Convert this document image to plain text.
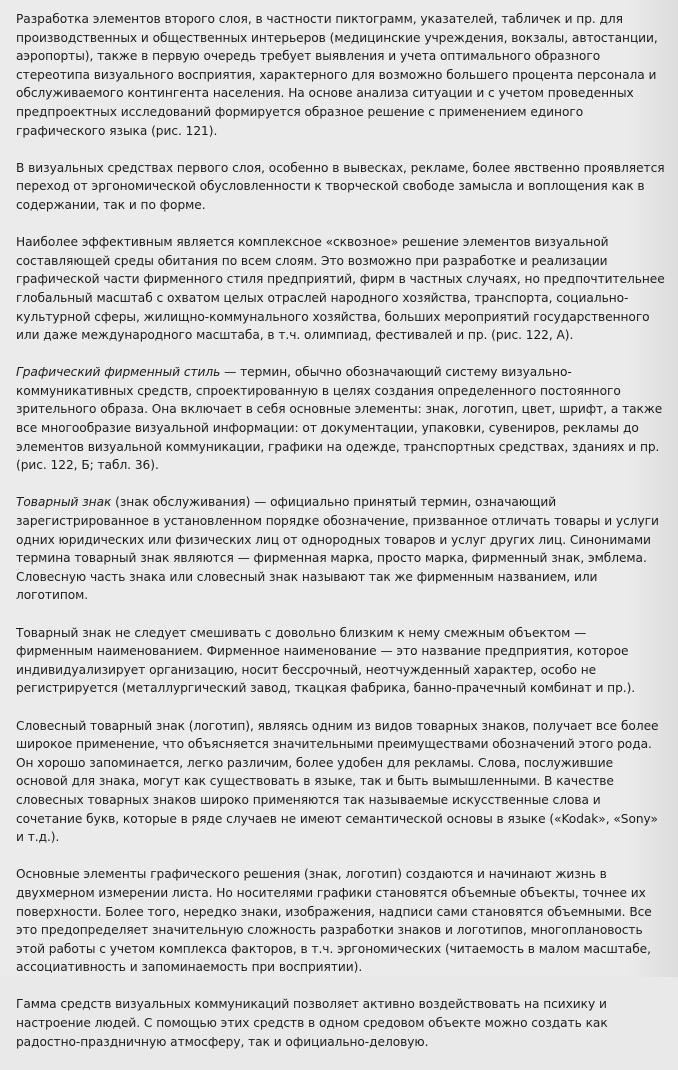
Разработка элементов второго слоя, в частности пиктограмм, указателей, табличек и пр. для производственных и общественных интерьеров (медицинские учреждения, вокзалы, автостанции, аэропорты), также в первую очередь требует выявления и учета оптимального образного стереотипа визуального восприятия, характерного для возможно большего процента персонала и обслуживаемого контингента населения. На основе анализа ситуации и с учетом проведенных предпроектных исследований формируется образное решение с применением единого графического языка (рис. 121).

В визуальных средствах первого слоя, особенно в вывесках, рекламе, более явственно проявляется переход от эргономической обусловленности к творческой свободе замысла и воплощения как в содержании, так и по форме.

Наиболее эффективным является комплексное «сквозное» решение элементов визуальной составляющей среды обитания по всем слоям. Это возможно при разработке и реализации графической части фирменного стиля предприятий, фирм в частных случаях, но предпочтительнее глобальный масштаб с охватом целых отраслей народного хозяйства, транспорта, социально-культурной сферы, жилищно-коммунального хозяйства, больших мероприятий государственного или даже международного масштаба, в т.ч. олимпиад, фестивалей и пр. (рис. 122, А).

Графический фирменный стиль — термин, обычно обозначающий систему визуально-коммуникативных средств, спроектированную в целях создания определенного постоянного зрительного образа. Она включает в себя основные элементы: знак, логотип, цвет, шрифт, а также все многообразие визуальной информации: от документации, упаковки, сувениров, рекламы до элементов визуальной коммуникации, графики на одежде, транспортных средствах, зданиях и пр. (рис. 122, Б; табл. 36).

Товарный знак (знак обслуживания) — официально принятый термин, означающий зарегистрированное в установленном порядке обозначение, призванное отличать товары и услуги одних юридических или физических лиц от однородных товаров и услуг других лиц. Синонимами термина товарный знак являются — фирменная марка, просто марка, фирменный знак, эмблема. Словесную часть знака или словесный знак называют так же фирменным названием, или логотипом.

Товарный знак не следует смешивать с довольно близким к нему смежным объектом — фирменным наименованием. Фирменное наименование — это название предприятия, которое индивидуализирует организацию, носит бессрочный, неотчужденный характер, особо не регистрируется (металлургический завод, ткацкая фабрика, банно-прачечный комбинат и пр.).

Словесный товарный знак (логотип), являясь одним из видов товарных знаков, получает все более широкое применение, что объясняется значительными преимуществами обозначений этого рода. Он хорошо запоминается, легко различим, более удобен для рекламы. Слова, послужившие основой для знака, могут как существовать в языке, так и быть вымышленными. В качестве словесных товарных знаков широко применяются так называемые искусственные слова и сочетание букв, которые в ряде случаев не имеют семантической основы в языке («Kodak», «Sony» и т.д.).

Основные элементы графического решения (знак, логотип) создаются и начинают жизнь в двухмерном измерении листа. Но носителями графики становятся объемные объекты, точнее их поверхности. Более того, нередко знаки, изображения, надписи сами становятся объемными. Все это предопределяет значительную сложность разработки знаков и логотипов, многоплановость этой работы с учетом комплекса факторов, в т.ч. эргономических (читаемость в малом масштабе, ассоциативность и запоминаемость при восприятии).

Гамма средств визуальных коммуникаций позволяет активно воздействовать на психику и настроение людей. С помощью этих средств в одном средовом объекте можно создать как радостно-праздничную атмосферу, так и официально-деловую.
